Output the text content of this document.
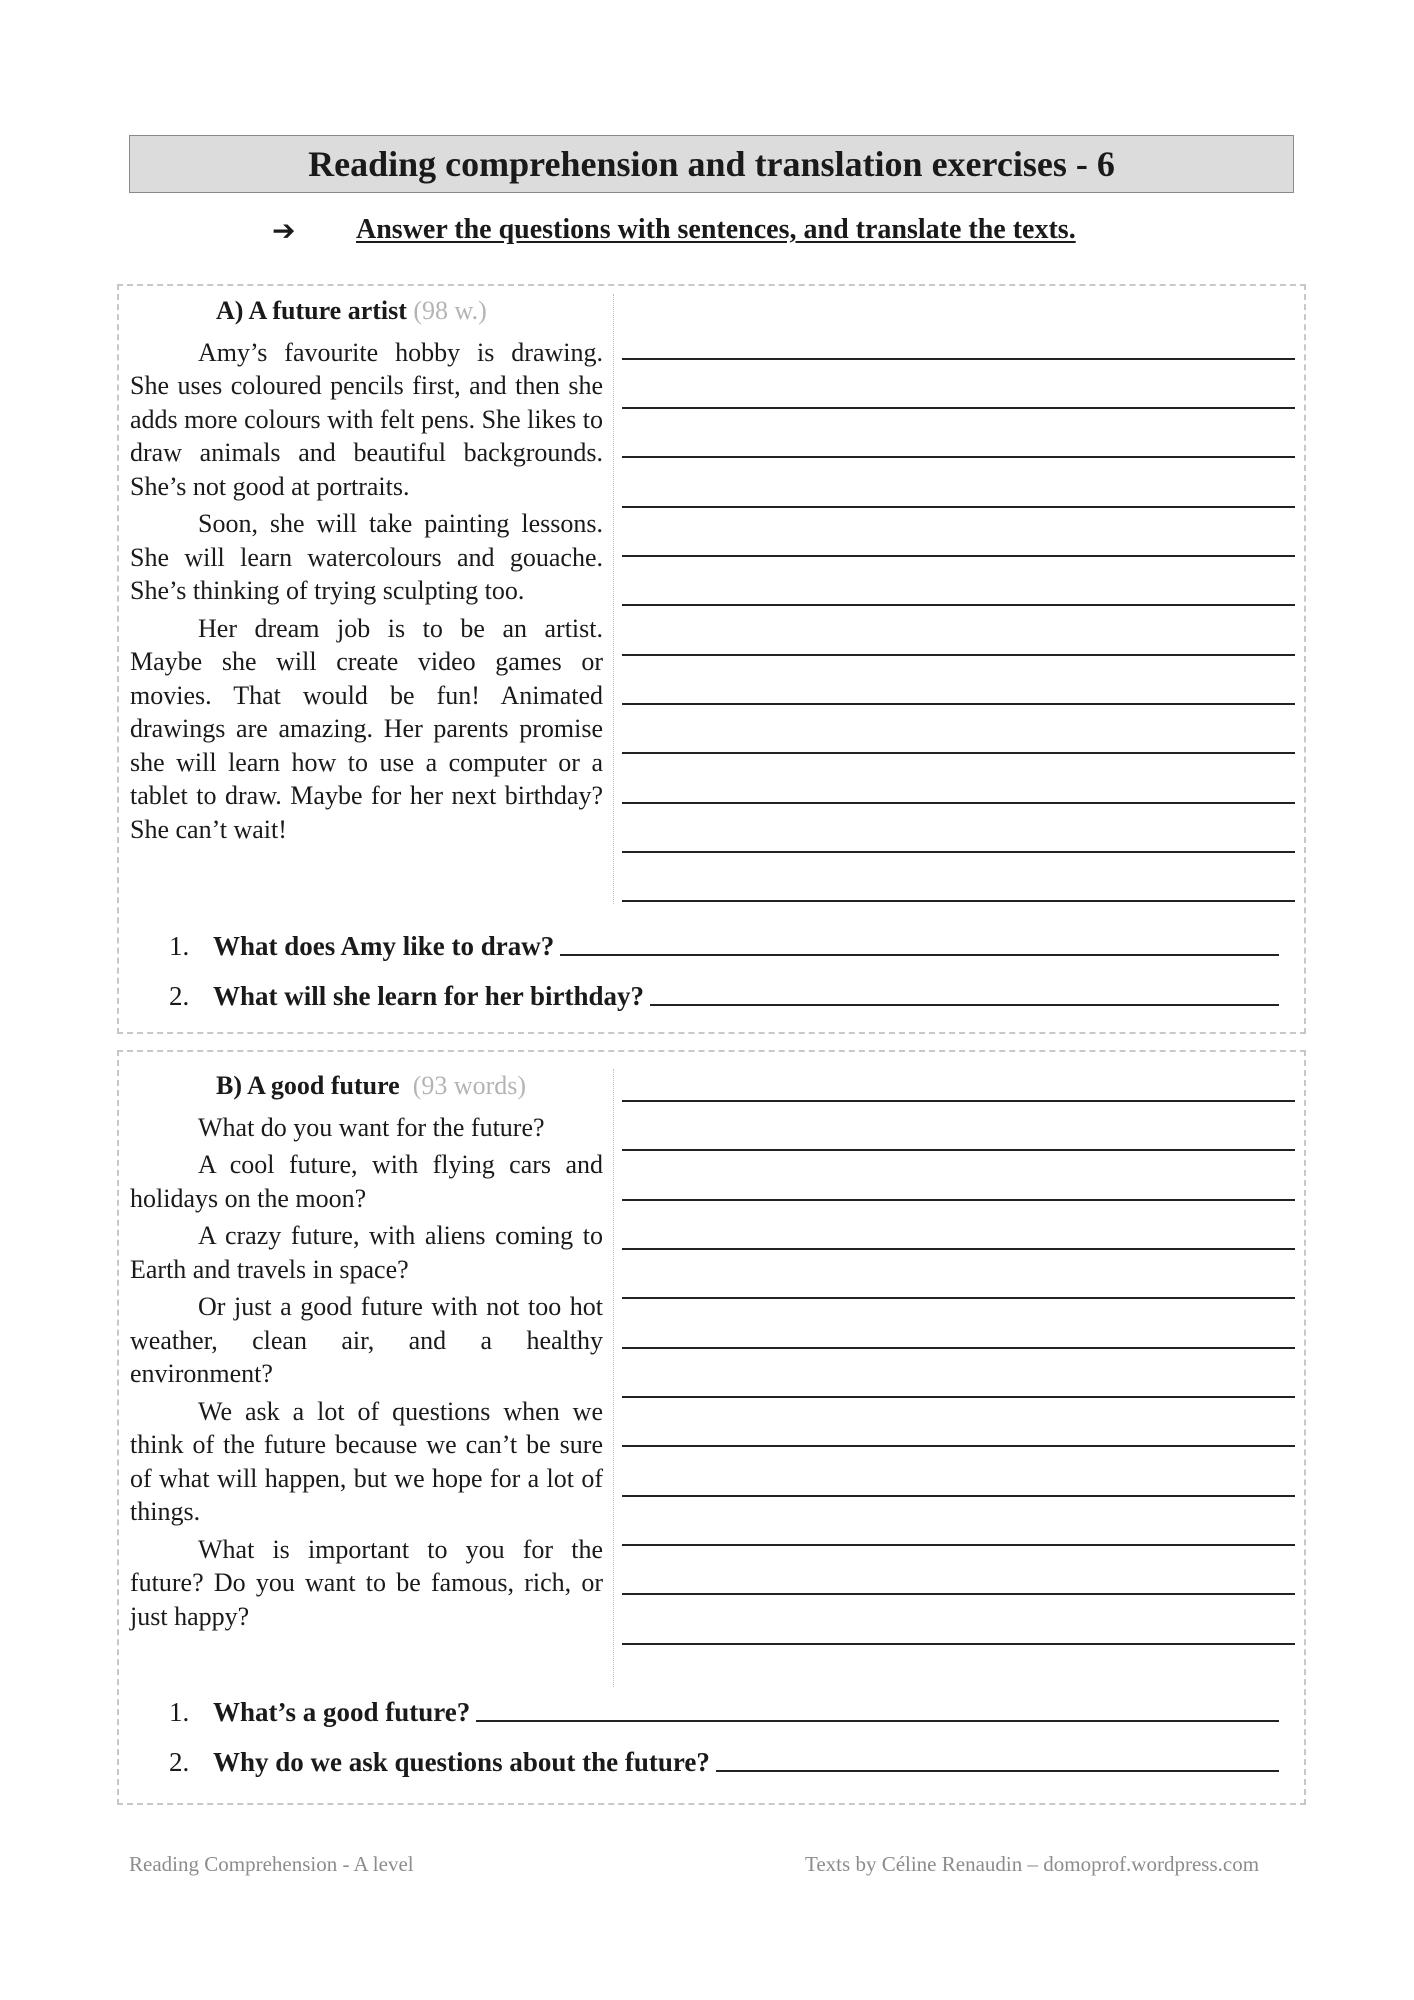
Reading comprehension and translation exercises - 6
➔ Answer the questions with sentences, and translate the texts.

A) A future artist (98 w.)

Amy’s favourite hobby is drawing. She uses coloured pencils first, and then she adds more colours with felt pens. She likes to draw animals and beautiful backgrounds. She’s not good at portraits.

Soon, she will take painting lessons. She will learn watercolours and gouache. She’s thinking of trying sculpting too.

Her dream job is to be an artist. Maybe she will create video games or movies. That would be fun! Animated drawings are amazing. Her parents promise she will learn how to use a computer or a tablet to draw. Maybe for her next birthday? She can’t wait!

1. What does Amy like to draw?
2. What will she learn for her birthday?

B) A good future (93 words)

What do you want for the future?

A cool future, with flying cars and holidays on the moon?

A crazy future, with aliens coming to Earth and travels in space?

Or just a good future with not too hot weather, clean air, and a healthy environment?

We ask a lot of questions when we think of the future because we can’t be sure of what will happen, but we hope for a lot of things.

What is important to you for the future? Do you want to be famous, rich, or just happy?

1. What’s a good future?
2. Why do we ask questions about the future?
Reading Comprehension - A level	Texts by Céline Renaudin – domoprof.wordpress.com
